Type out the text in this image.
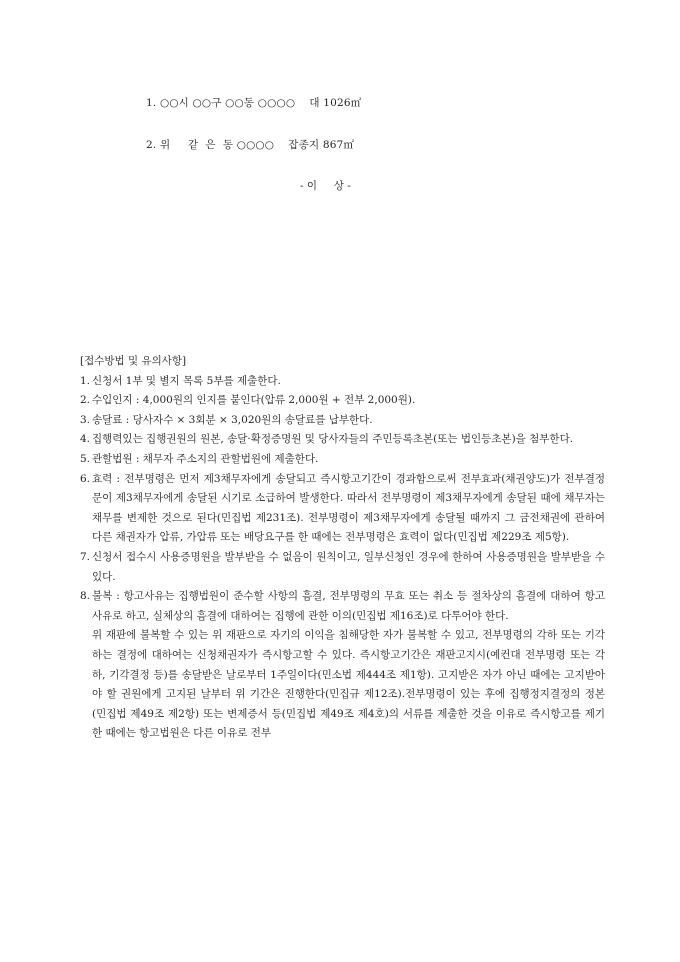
1. ○○시 ○○구 ○○동 ○○○○    대 1026㎡
2. 위     같  은  동 ○○○○    잡종지 867㎡
- 이     상 -
[접수방법 및 유의사항]
1. 신청서 1부 및 별지 목록 5부를 제출한다.
2. 수입인지 : 4,000원의 인지를 붙인다(압류 2,000원 + 전부 2,000원).
3. 송달료 : 당사자수 × 3회분 × 3,020원의 송달료를 납부한다.
4. 집행력있는 집행권원의 원본, 송달·확정증명원 및 당사자들의 주민등록초본(또는 법인등초본)을 첨부한다.
5. 관할법원 : 채무자 주소지의 관할법원에 제출한다.
6. 효력 : 전부명령은 먼저 제3채무자에게 송달되고 즉시항고기간이 경과함으로써 전부효과(채권양도)가 전부결정문이 제3채무자에게 송달된 시기로 소급하여 발생한다. 따라서 전부명령이 제3채무자에게 송달된 때에 채무자는 채무를 변제한 것으로 된다(민집법 제231조). 전부명령이 제3채무자에게 송달될 때까지 그 금전채권에 관하여 다른 채권자가 압류, 가압류 또는 배당요구를 한 때에는 전부명령은 효력이 없다(민집법 제229조 제5항).
7. 신청서 접수시 사용증명원을 발부받을 수 없음이 원칙이고, 일부신청인 경우에 한하여 사용증명원을 발부받을 수 있다.
8. 불복 : 항고사유는 집행법원이 준수할 사항의 흠결, 전부명령의 무효 또는 취소 등 절차상의 흠결에 대하여 항고사유로 하고, 실체상의 흠결에 대하여는 집행에 관한 이의(민집법 제16조)로 다투어야 한다.
위 재판에 불복할 수 있는 위 재판으로 자기의 이익을 침해당한 자가 불복할 수 있고, 전부명령의 각하 또는 기각하는 결정에 대하여는 신청채권자가 즉시항고할 수 있다. 즉시항고기간은 재판고지시(예컨대 전부명령 또는 각하, 기각결정 등)를 송달받은 날로부터 1주일이다(민소법 제444조 제1항). 고지받은 자가 아닌 때에는 고지받아야 할 권원에게 고지된 날부터 위 기간은 진행한다(민집규 제12조).전부명령이 있는 후에 집행정지결정의 정본(민집법 제49조 제2항) 또는 변제증서 등(민집법 제49조 제4호)의 서류를 제출한 것을 이유로 즉시항고를 제기한 때에는 항고법원은 다른 이유로 전부
